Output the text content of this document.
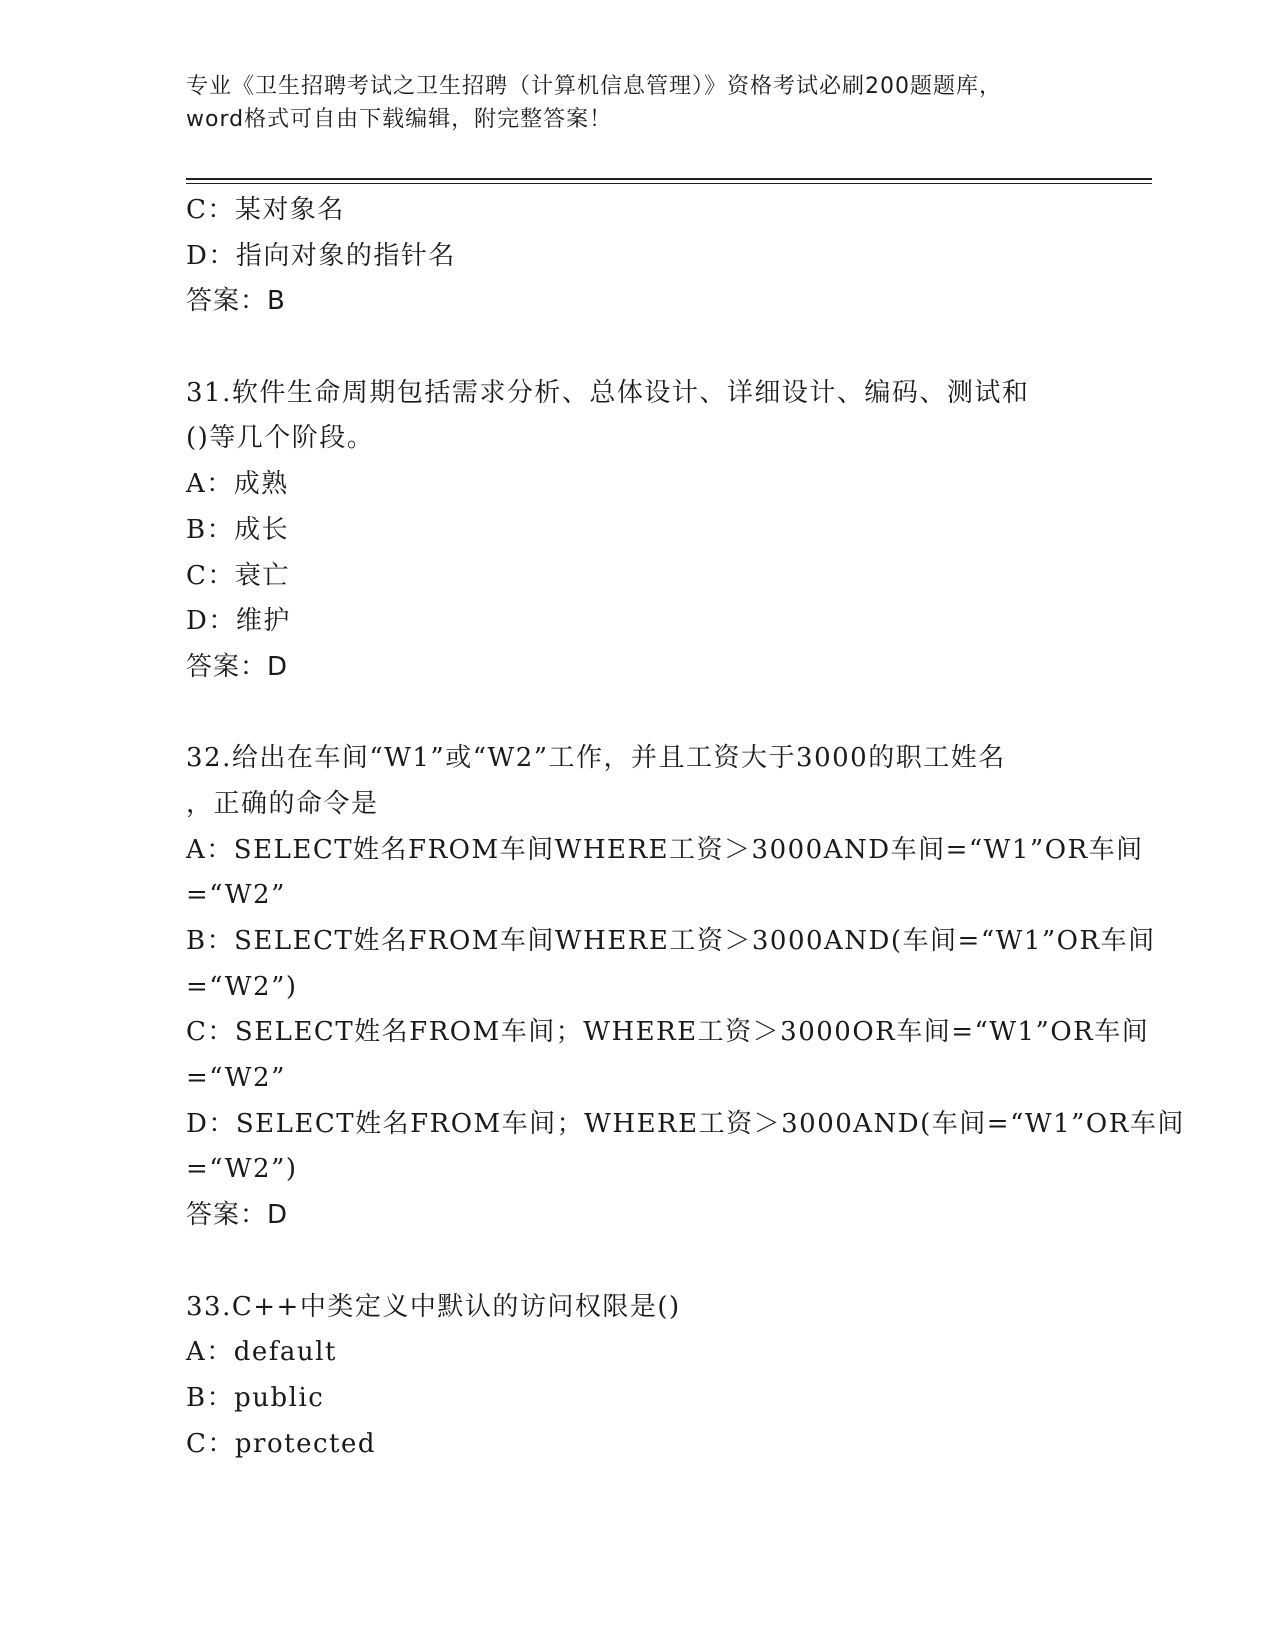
专业《卫生招聘考试之卫生招聘（计算机信息管理）》资格考试必刷200题题库，
word格式可自由下载编辑，附完整答案！
C：某对象名
D：指向对象的指针名
答案：B
31.软件生命周期包括需求分析、总体设计、详细设计、编码、测试和
()等几个阶段。
A：成熟
B：成长
C：衰亡
D：维护
答案：D
32.给出在车间“W1”或“W2”工作，并且工资大于3000的职工姓名
，正确的命令是
A：SELECT姓名FROM车间WHERE工资＞3000AND车间=“W1”OR车间
=“W2”
B：SELECT姓名FROM车间WHERE工资＞3000AND(车间=“W1”OR车间
=“W2”)
C：SELECT姓名FROM车间；WHERE工资＞3000OR车间=“W1”OR车间
=“W2”
D：SELECT姓名FROM车间；WHERE工资＞3000AND(车间=“W1”OR车间
=“W2”)
答案：D
33.C++中类定义中默认的访问权限是()
A：default
B：public
C：protected
